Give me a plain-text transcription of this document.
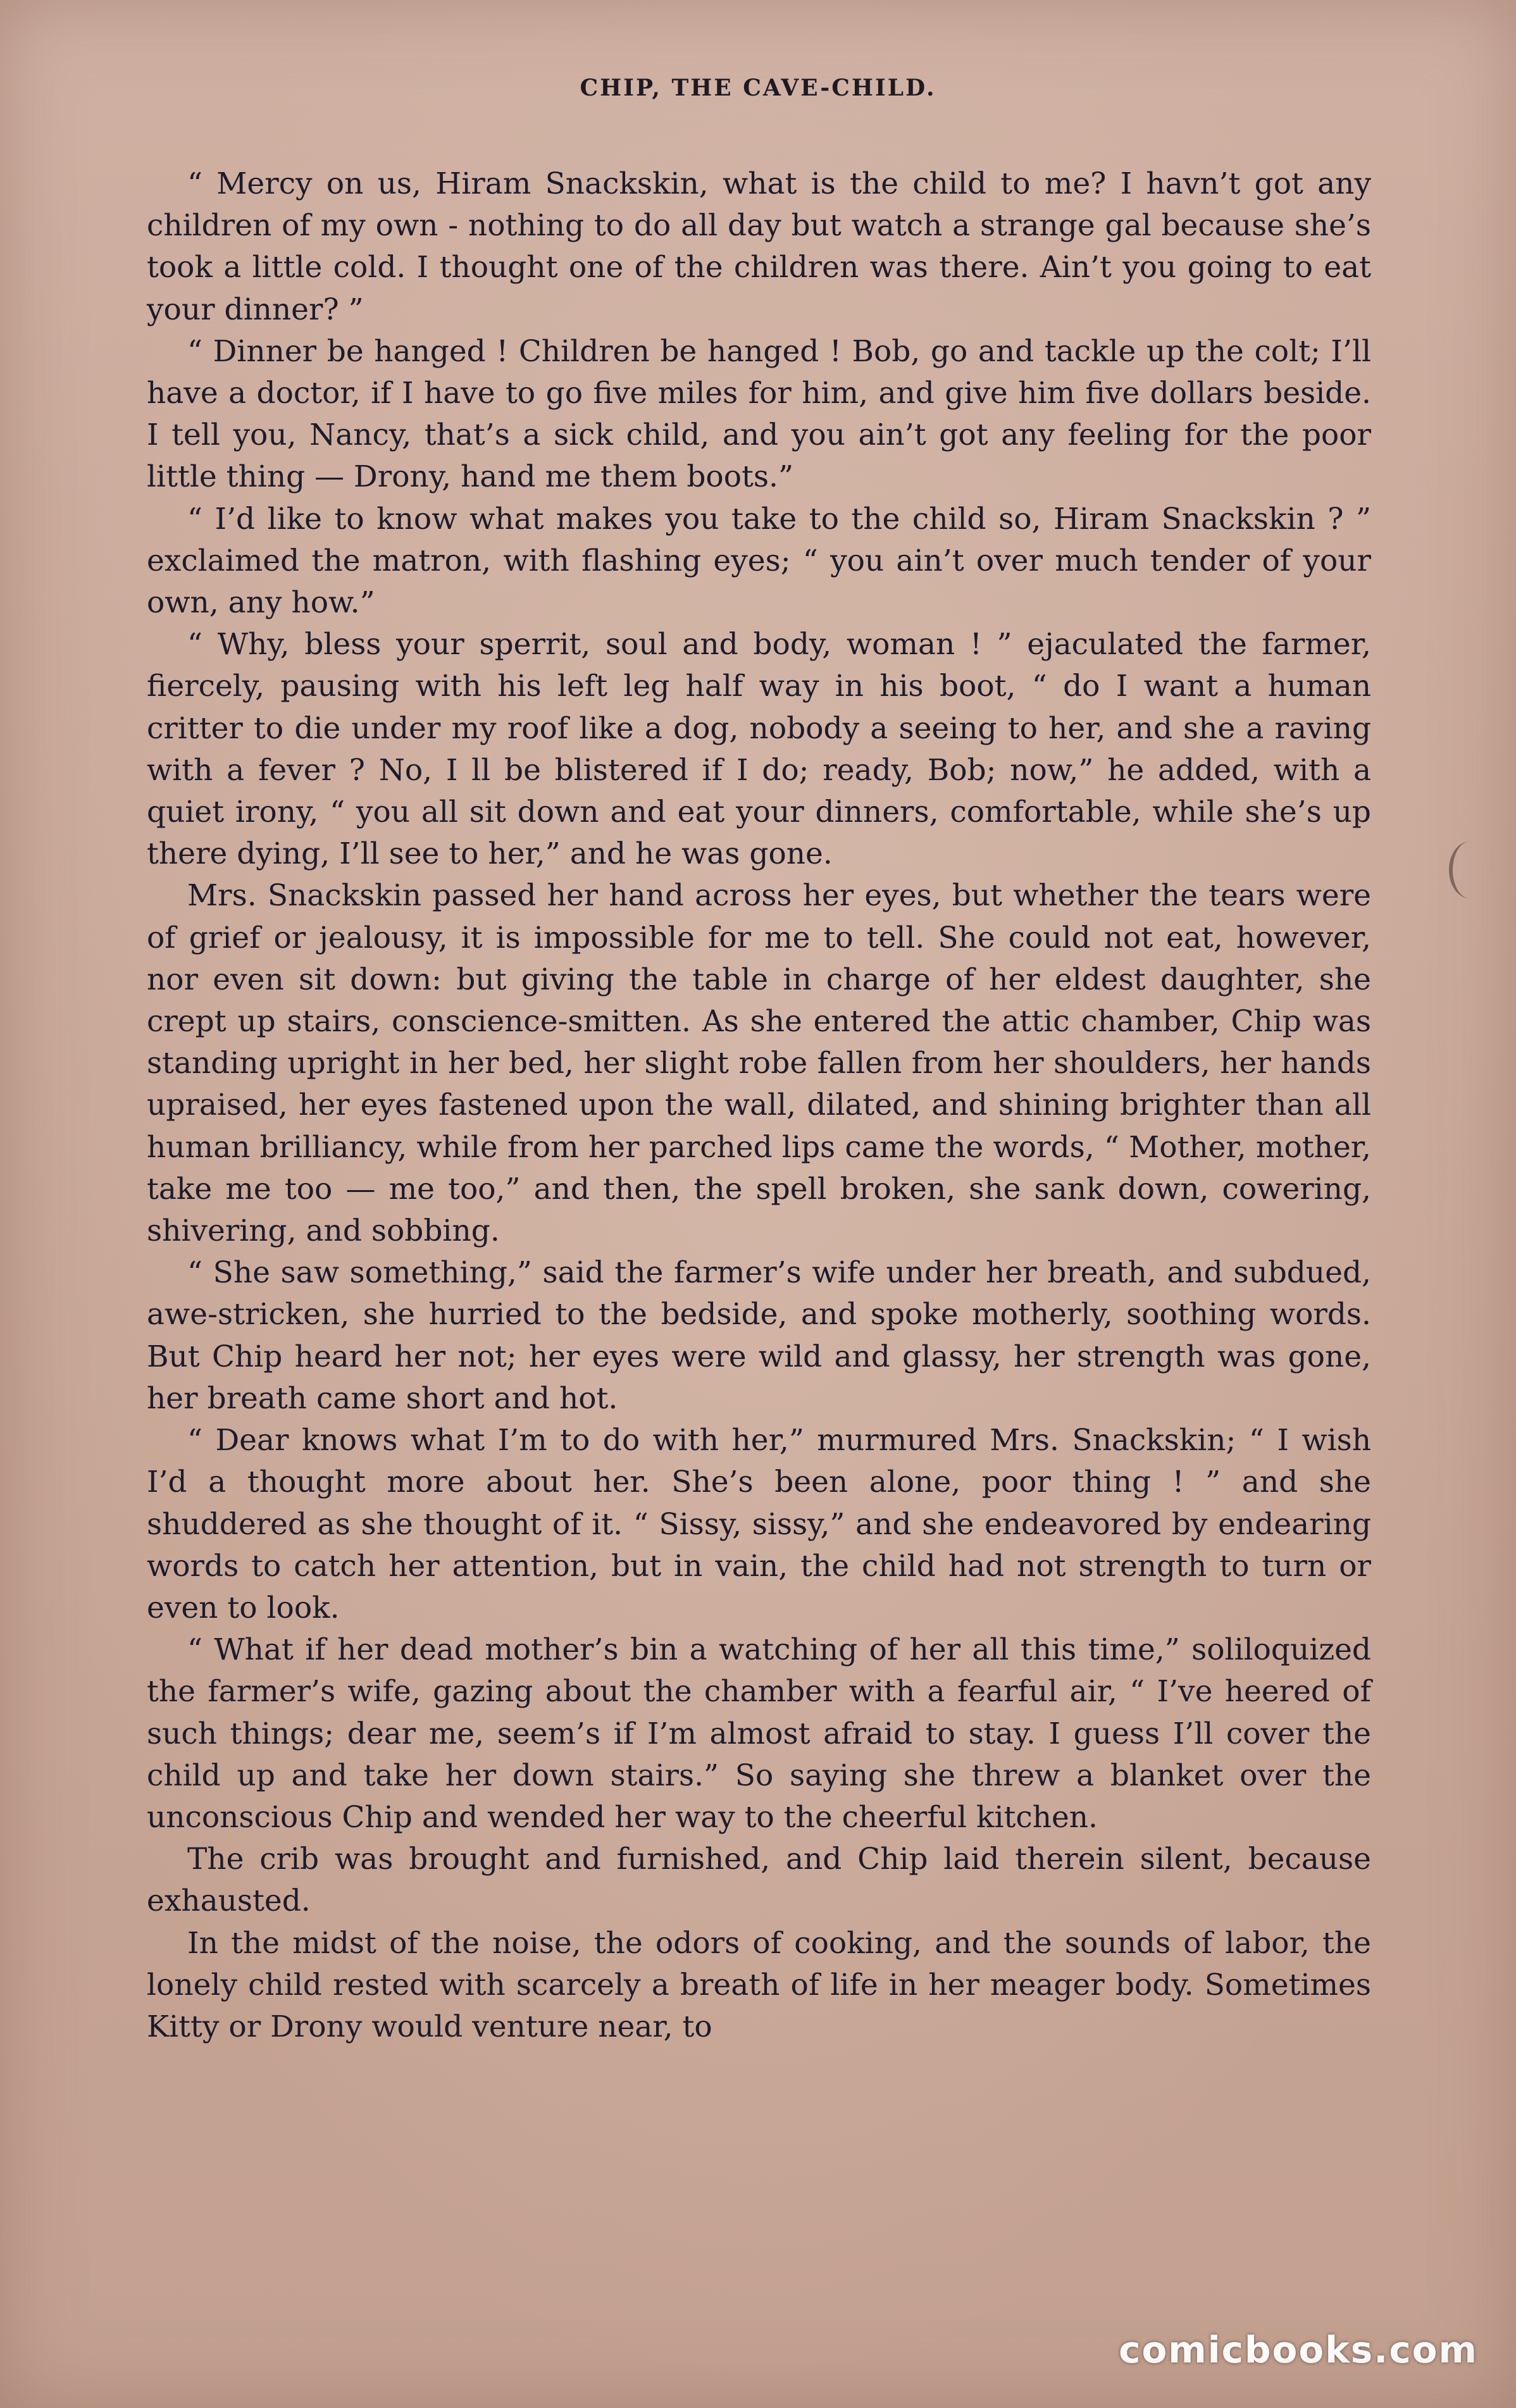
CHIP, THE CAVE-CHILD.

“ Mercy on us, Hiram Snackskin, what is the child to me? I havn’t got any children of my own - nothing to do all day but watch a strange gal because she’s took a little cold. I thought one of the children was there. Ain’t you going to eat your dinner? ”

“ Dinner be hanged ! Children be hanged ! Bob, go and tackle up the colt; I’ll have a doctor, if I have to go five miles for him, and give him five dollars beside. I tell you, Nancy, that’s a sick child, and you ain’t got any feeling for the poor little thing — Drony, hand me them boots.”

“ I’d like to know what makes you take to the child so, Hiram Snackskin ? ” exclaimed the matron, with flashing eyes; “ you ain’t over much tender of your own, any how.”

“ Why, bless your sperrit, soul and body, woman ! ” ejaculated the farmer, fiercely, pausing with his left leg half way in his boot, “ do I want a human critter to die under my roof like a dog, nobody a seeing to her, and she a raving with a fever ? No, I ll be blistered if I do; ready, Bob; now,” he added, with a quiet irony, “ you all sit down and eat your dinners, comfortable, while she’s up there dying, I’ll see to her,” and he was gone.

Mrs. Snackskin passed her hand across her eyes, but whether the tears were of grief or jealousy, it is impossible for me to tell. She could not eat, however, nor even sit down: but giving the table in charge of her eldest daughter, she crept up stairs, conscience-smitten. As she entered the attic chamber, Chip was standing upright in her bed, her slight robe fallen from her shoulders, her hands upraised, her eyes fastened upon the wall, dilated, and shining brighter than all human brilliancy, while from her parched lips came the words, “ Mother, mother, take me too — me too,” and then, the spell broken, she sank down, cowering, shivering, and sobbing.

“ She saw something,” said the farmer’s wife under her breath, and subdued, awe-stricken, she hurried to the bedside, and spoke motherly, soothing words. But Chip heard her not; her eyes were wild and glassy, her strength was gone, her breath came short and hot.

“ Dear knows what I’m to do with her,” murmured Mrs. Snackskin; “ I wish I’d a thought more about her. She’s been alone, poor thing ! ” and she shuddered as she thought of it. “ Sissy, sissy,” and she endeavored by endearing words to catch her attention, but in vain, the child had not strength to turn or even to look.

“ What if her dead mother’s bin a watching of her all this time,” soliloquized the farmer’s wife, gazing about the chamber with a fearful air, “ I’ve heered of such things; dear me, seem’s if I’m almost afraid to stay. I guess I’ll cover the child up and take her down stairs.” So saying she threw a blanket over the unconscious Chip and wended her way to the cheerful kitchen.

The crib was brought and furnished, and Chip laid therein silent, because exhausted.

In the midst of the noise, the odors of cooking, and the sounds of labor, the lonely child rested with scarcely a breath of life in her meager body. Sometimes Kitty or Drony would venture near, to

comicbooks.com
